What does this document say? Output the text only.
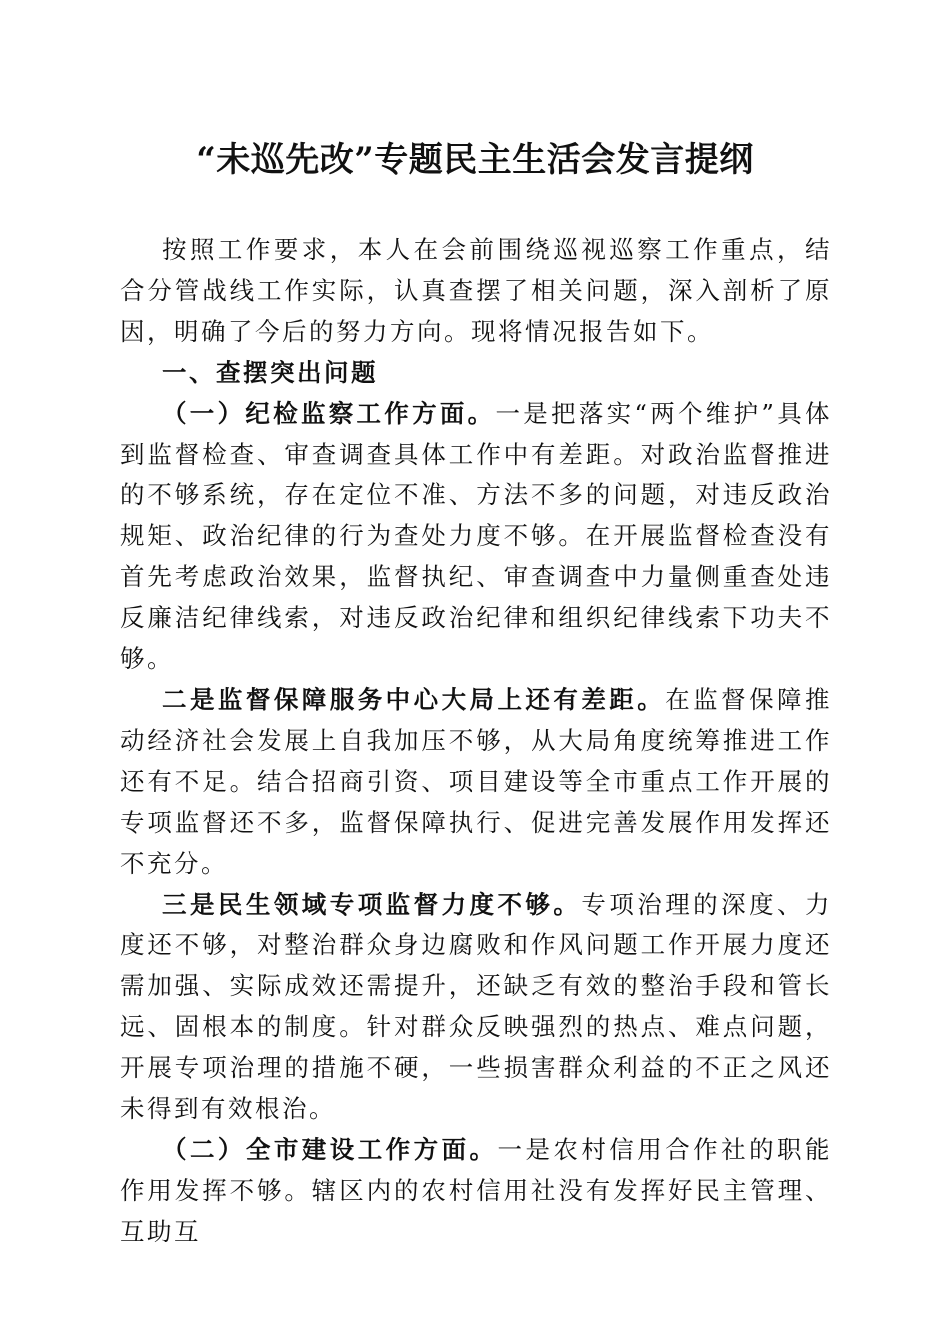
“未巡先改”专题民主生活会发言提纲

按照工作要求，本人在会前围绕巡视巡察工作重点，结合分管战线工作实际，认真查摆了相关问题，深入剖析了原因，明确了今后的努力方向。现将情况报告如下。

一、查摆突出问题

（一）纪检监察工作方面。一是把落实“两个维护”具体到监督检查、审查调查具体工作中有差距。对政治监督推进的不够系统，存在定位不准、方法不多的问题，对违反政治规矩、政治纪律的行为查处力度不够。在开展监督检查没有首先考虑政治效果，监督执纪、审查调查中力量侧重查处违反廉洁纪律线索，对违反政治纪律和组织纪律线索下功夫不够。

二是监督保障服务中心大局上还有差距。在监督保障推动经济社会发展上自我加压不够，从大局角度统筹推进工作还有不足。结合招商引资、项目建设等全市重点工作开展的专项监督还不多，监督保障执行、促进完善发展作用发挥还不充分。

三是民生领域专项监督力度不够。专项治理的深度、力度还不够，对整治群众身边腐败和作风问题工作开展力度还需加强、实际成效还需提升，还缺乏有效的整治手段和管长远、固根本的制度。针对群众反映强烈的热点、难点问题，开展专项治理的措施不硬，一些损害群众利益的不正之风还未得到有效根治。

（二）全市建设工作方面。一是农村信用合作社的职能作用发挥不够。辖区内的农村信用社没有发挥好民主管理、互助互
